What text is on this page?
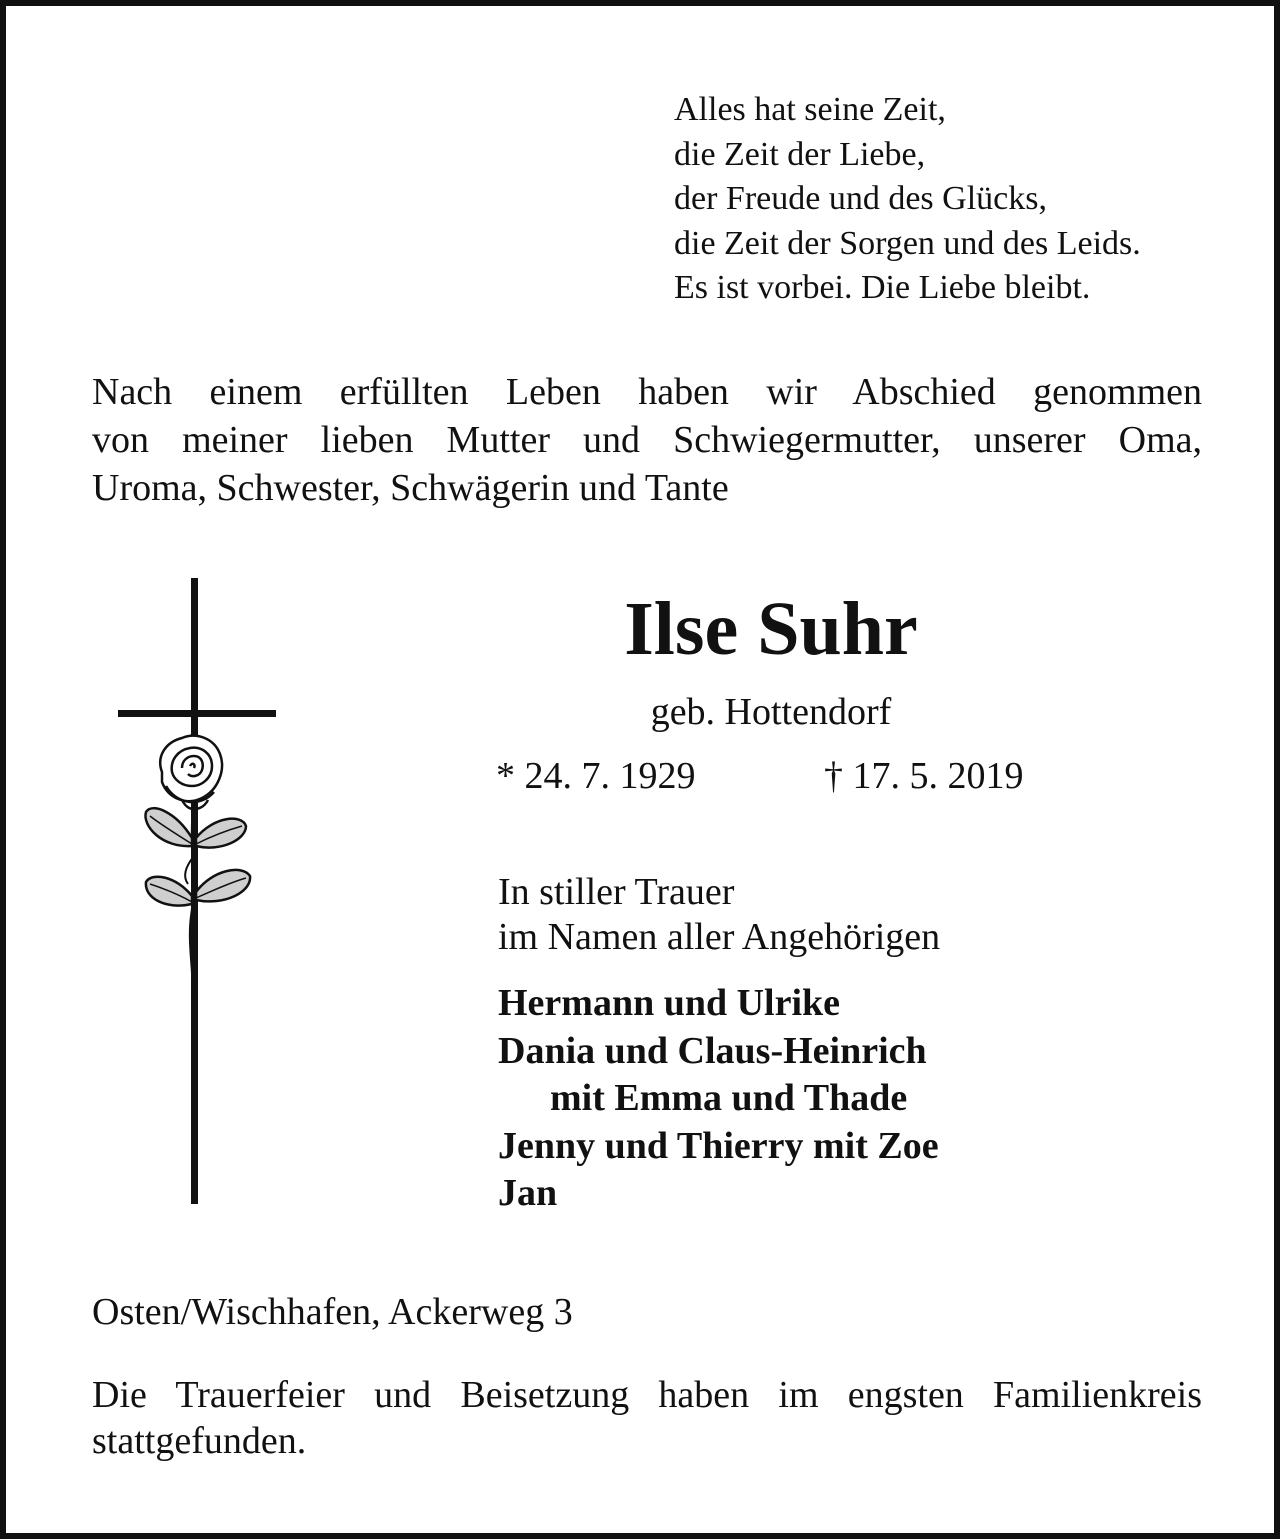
Alles hat seine Zeit,
die Zeit der Liebe,
der Freude und des Glücks,
die Zeit der Sorgen und des Leids.
Es ist vorbei. Die Liebe bleibt.
Nach einem erfüllten Leben haben wir Abschied genommen
von meiner lieben Mutter und Schwiegermutter, unserer Oma,
Uroma, Schwester, Schwägerin und Tante
Ilse Suhr
geb. Hottendorf
* 24. 7. 1929	† 17. 5. 2019
In stiller Trauer
im Namen aller Angehörigen
Hermann und Ulrike
Dania und Claus-Heinrich
mit Emma und Thade
Jenny und Thierry mit Zoe
Jan
Osten/Wischhafen, Ackerweg 3
Die Trauerfeier und Beisetzung haben im engsten Familienkreis
stattgefunden.
